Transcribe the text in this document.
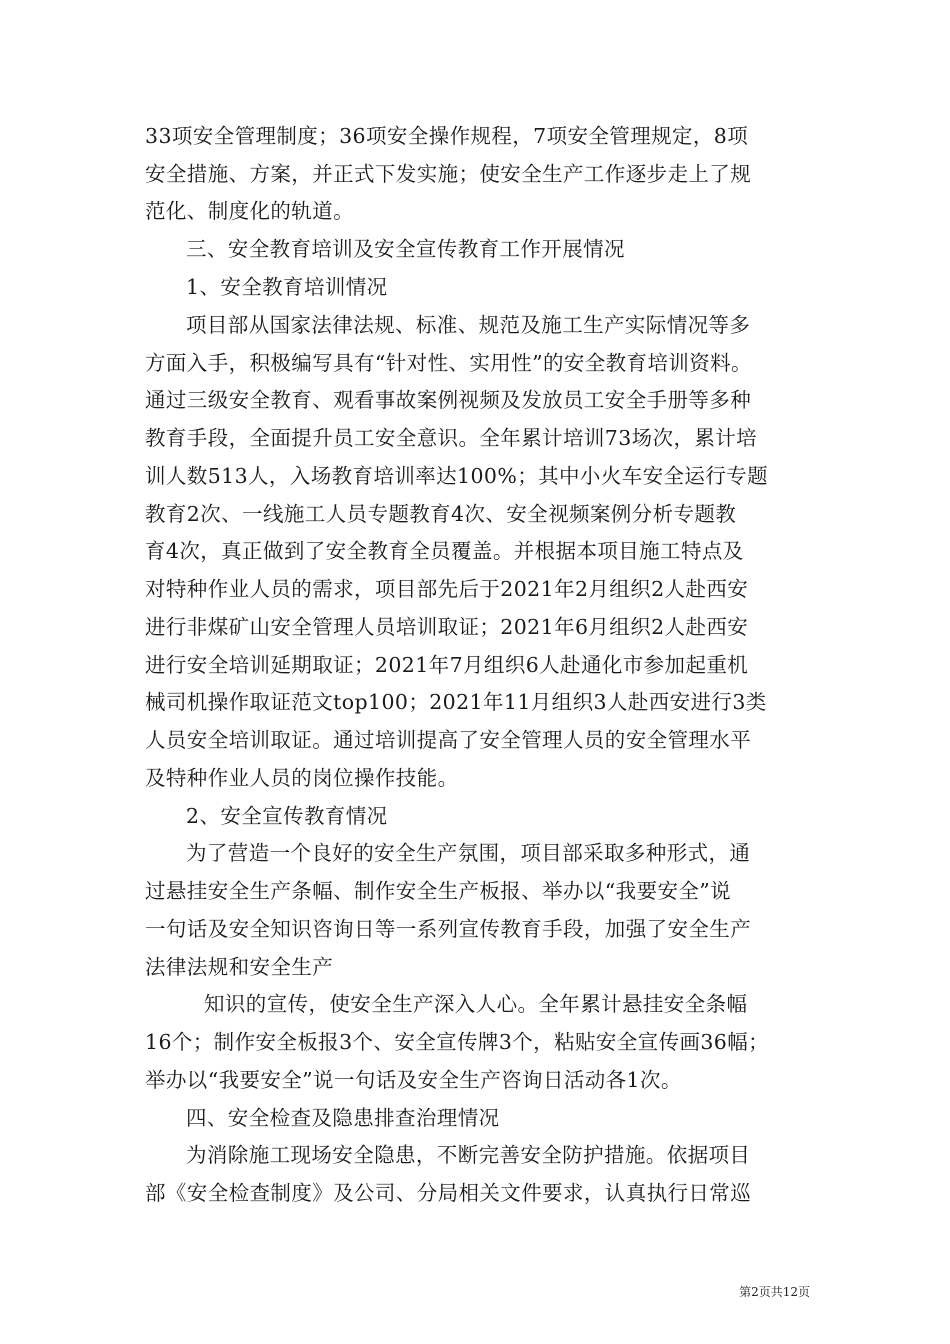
33项安全管理制度；36项安全操作规程，7项安全管理规定，8项
安全措施、方案，并正式下发实施；使安全生产工作逐步走上了规
范化、制度化的轨道。
三、安全教育培训及安全宣传教育工作开展情况
1、安全教育培训情况
项目部从国家法律法规、标准、规范及施工生产实际情况等多
方面入手，积极编写具有“针对性、实用性”的安全教育培训资料。
通过三级安全教育、观看事故案例视频及发放员工安全手册等多种
教育手段，全面提升员工安全意识。全年累计培训73场次，累计培
训人数513人，入场教育培训率达100%；其中小火车安全运行专题
教育2次、一线施工人员专题教育4次、安全视频案例分析专题教
育4次，真正做到了安全教育全员覆盖。并根据本项目施工特点及
对特种作业人员的需求，项目部先后于2021年2月组织2人赴西安
进行非煤矿山安全管理人员培训取证；2021年6月组织2人赴西安
进行安全培训延期取证；2021年7月组织6人赴通化市参加起重机
械司机操作取证范文top100；2021年11月组织3人赴西安进行3类
人员安全培训取证。通过培训提高了安全管理人员的安全管理水平
及特种作业人员的岗位操作技能。
2、安全宣传教育情况
为了营造一个良好的安全生产氛围，项目部采取多种形式，通
过悬挂安全生产条幅、制作安全生产板报、举办以“我要安全”说
一句话及安全知识咨询日等一系列宣传教育手段，加强了安全生产
法律法规和安全生产
知识的宣传，使安全生产深入人心。全年累计悬挂安全条幅
16个；制作安全板报3个、安全宣传牌3个，粘贴安全宣传画36幅；
举办以“我要安全”说一句话及安全生产咨询日活动各1次。
四、安全检查及隐患排查治理情况
为消除施工现场安全隐患，不断完善安全防护措施。依据项目
部《安全检查制度》及公司、分局相关文件要求，认真执行日常巡
第2页共12页
